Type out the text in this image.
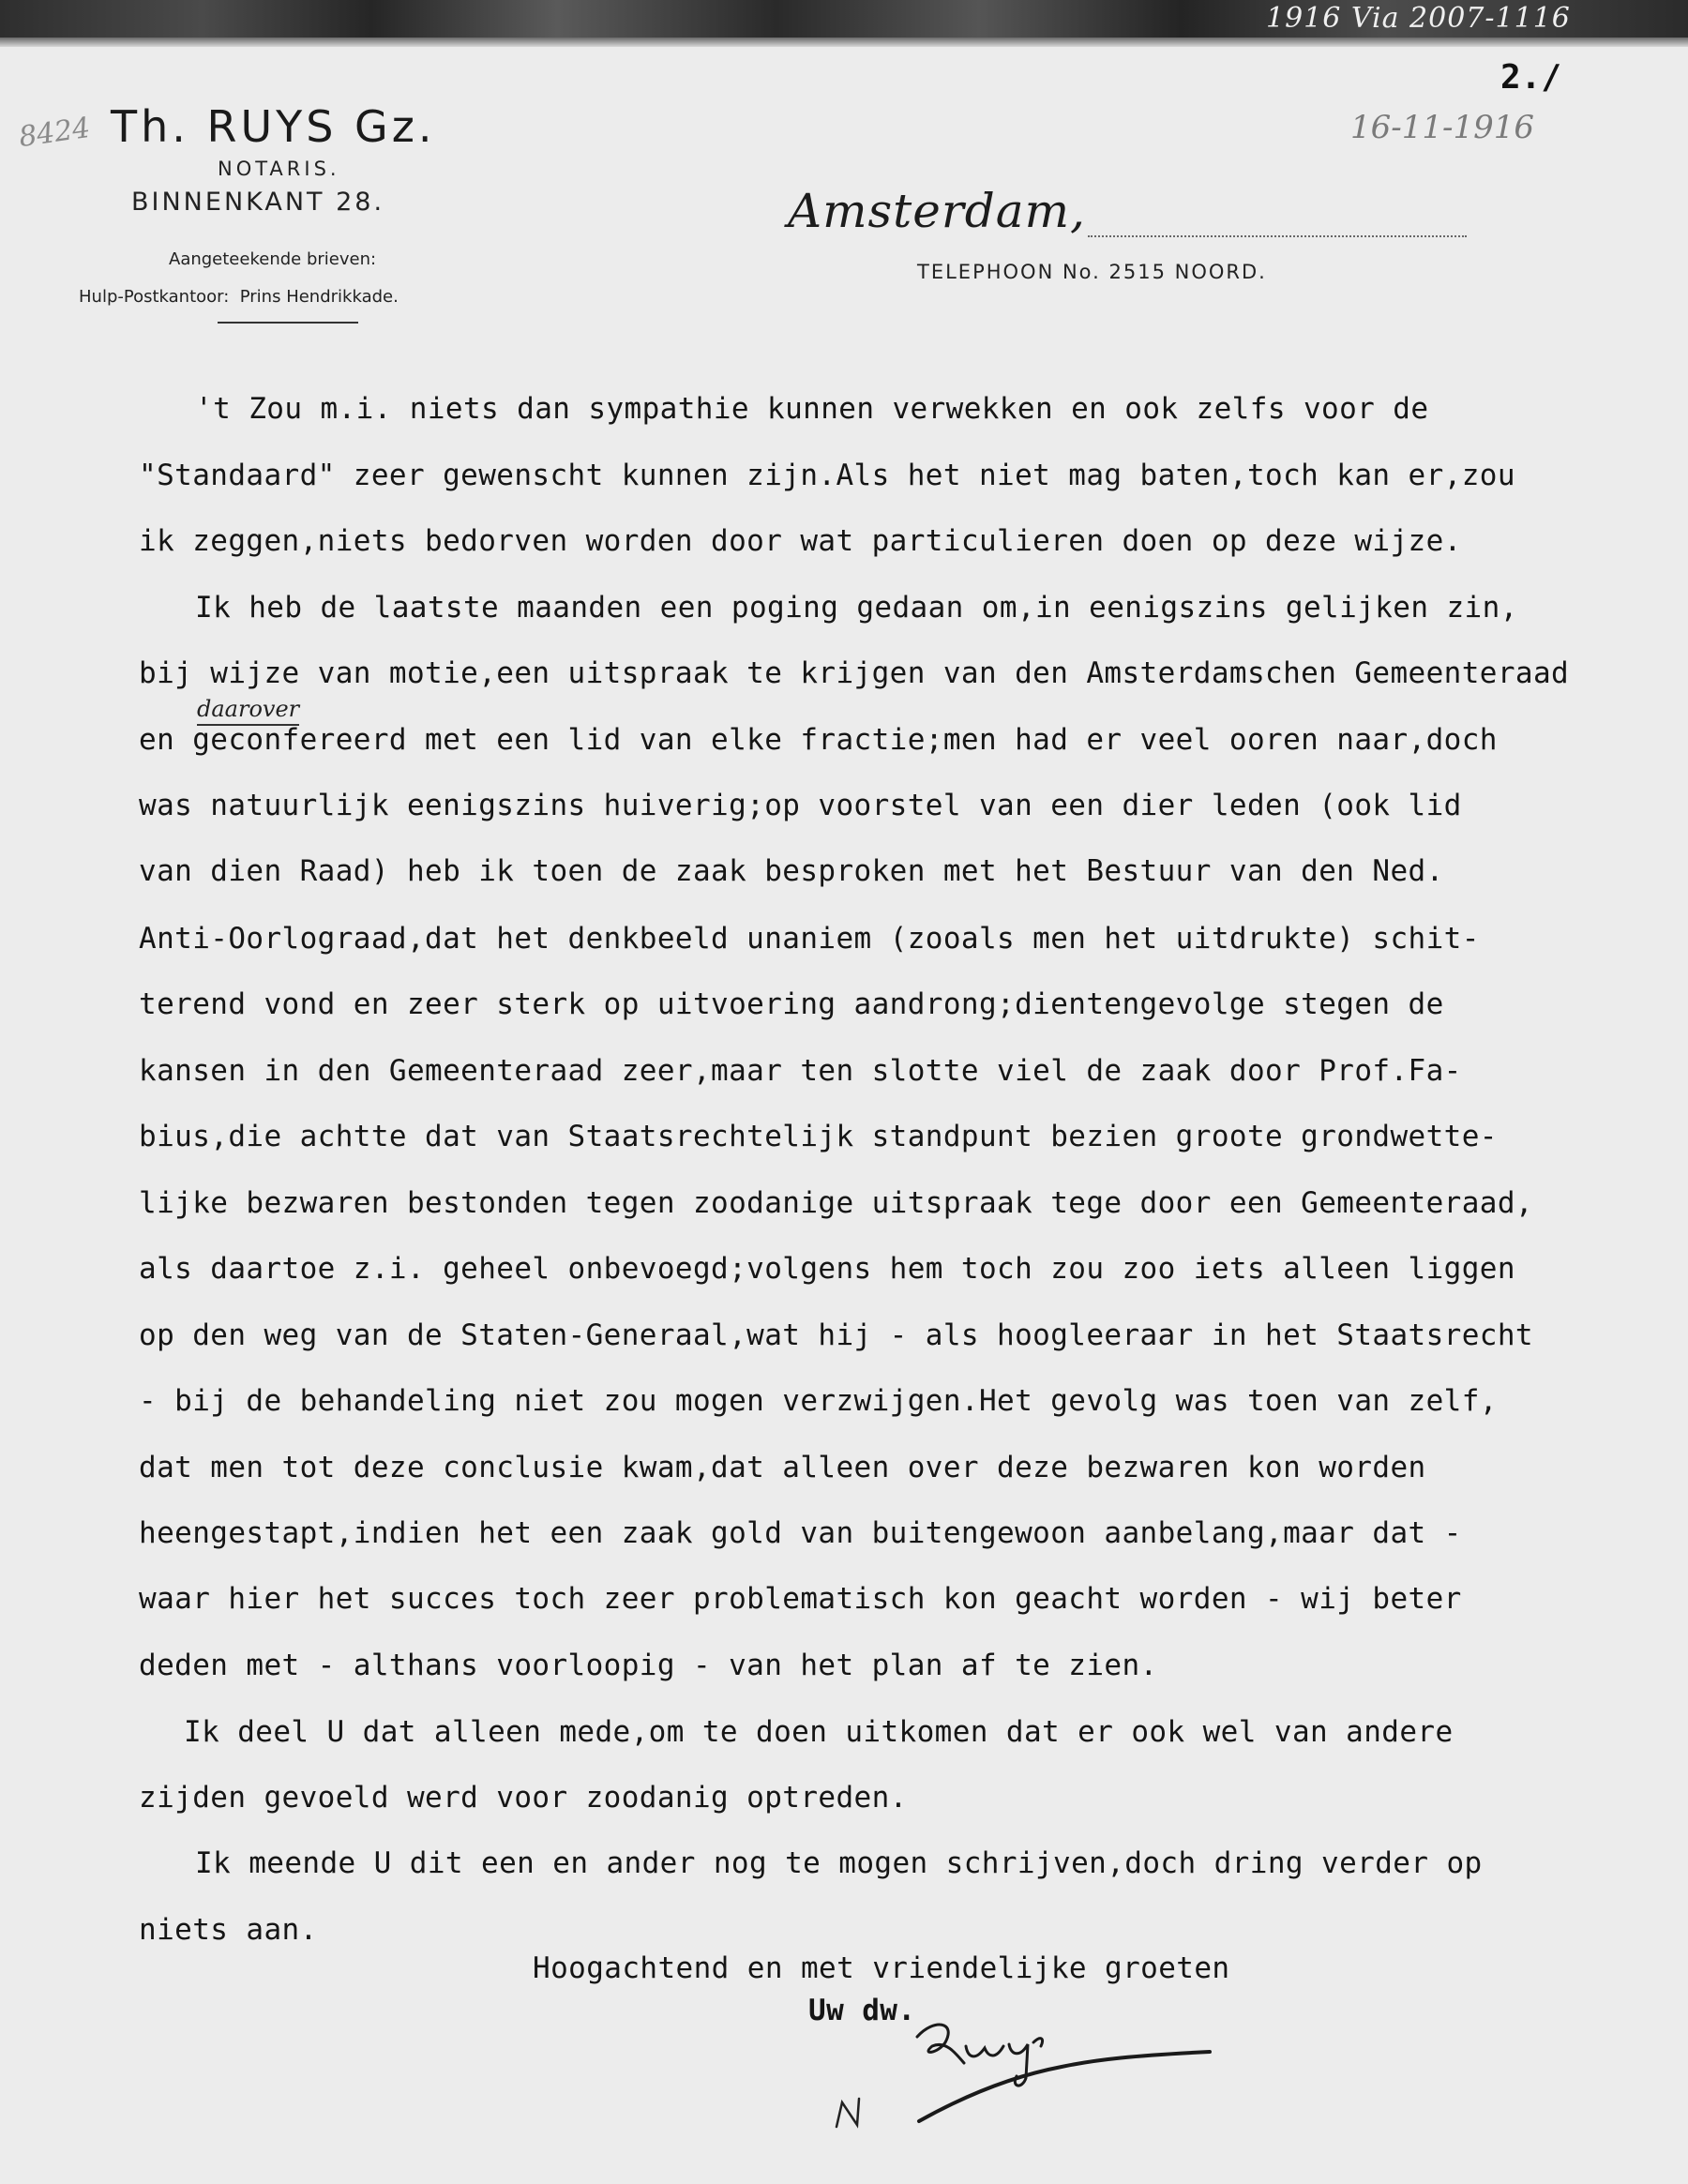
1916 Via 2007-1116
2./
16-11-1916
8424 Th. RUYS Gz.
NOTARIS.
BINNENKANT 28.
Aangeteekende brieven:
Hulp-Postkantoor:  Prins Hendrikkade.
Amsterdam,
TELEPHOON No. 2515 NOORD.
daarover
't Zou m.i. niets dan sympathie kunnen verwekken en ook zelfs voor de
"Standaard" zeer gewenscht kunnen zijn.Als het niet mag baten,toch kan er,zou
ik zeggen,niets bedorven worden door wat particulieren doen op deze wijze.
Ik heb de laatste maanden een poging gedaan om,in eenigszins gelijken zin,
bij wijze van motie,een uitspraak te krijgen van den Amsterdamschen Gemeenteraad
en geconfereerd met een lid van elke fractie;men had er veel ooren naar,doch
was natuurlijk eenigszins huiverig;op voorstel van een dier leden (ook lid
van dien Raad) heb ik toen de zaak besproken met het Bestuur van den Ned.
Anti-Oorlograad,dat het denkbeeld unaniem (zooals men het uitdrukte) schit-
terend vond en zeer sterk op uitvoering aandrong;dientengevolge stegen de
kansen in den Gemeenteraad zeer,maar ten slotte viel de zaak door Prof.Fa-
bius,die achtte dat van Staatsrechtelijk standpunt bezien groote grondwette-
lijke bezwaren bestonden tegen zoodanige uitspraak tege door een Gemeenteraad,
als daartoe z.i. geheel onbevoegd;volgens hem toch zou zoo iets alleen liggen
op den weg van de Staten-Generaal,wat hij - als hoogleeraar in het Staatsrecht
- bij de behandeling niet zou mogen verzwijgen.Het gevolg was toen van zelf,
dat men tot deze conclusie kwam,dat alleen over deze bezwaren kon worden
heengestapt,indien het een zaak gold van buitengewoon aanbelang,maar dat -
waar hier het succes toch zeer problematisch kon geacht worden - wij beter
deden met - althans voorloopig - van het plan af te zien.
Ik deel U dat alleen mede,om te doen uitkomen dat er ook wel van andere
zijden gevoeld werd voor zoodanig optreden.
Ik meende U dit een en ander nog te mogen schrijven,doch dring verder op
niets aan.
Hoogachtend en met vriendelijke groeten
Uw dw.
